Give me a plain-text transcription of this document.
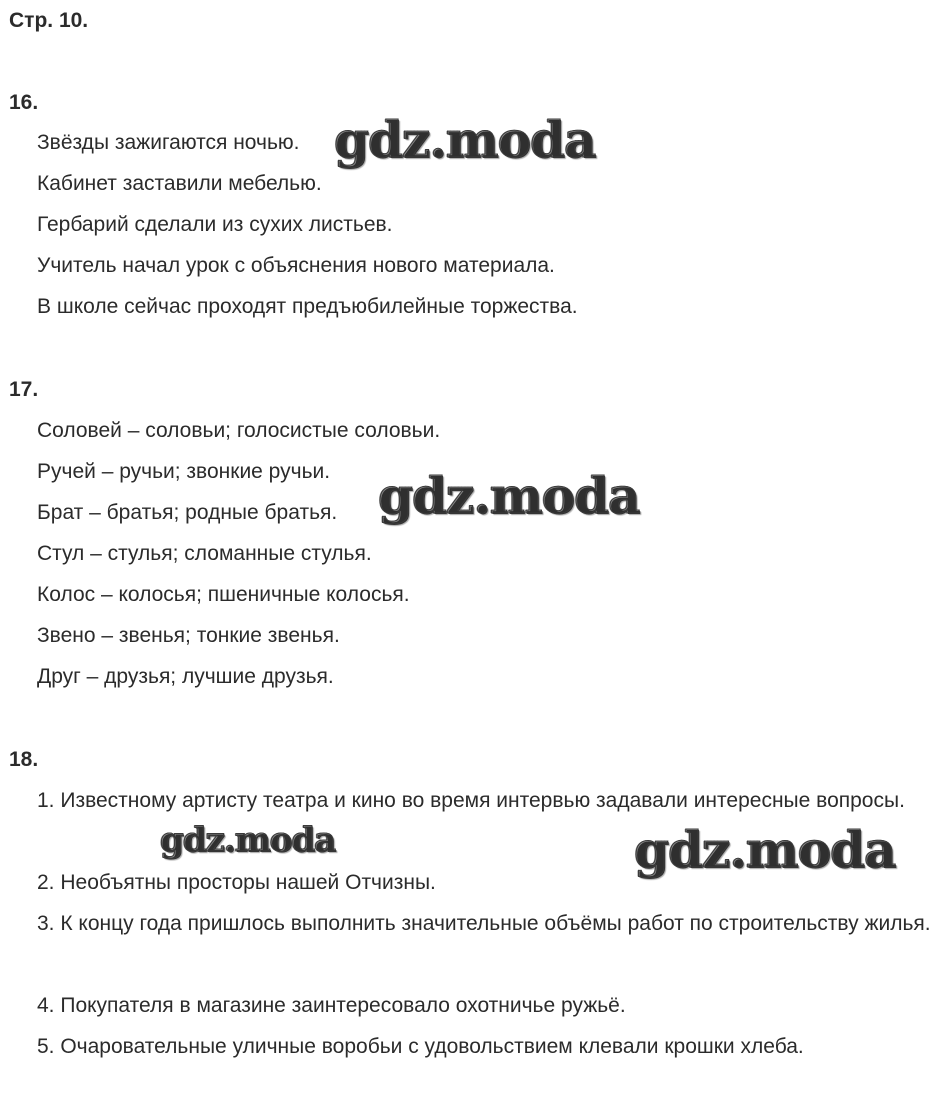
Стр. 10.
16.
Звёзды зажигаются ночью.
Кабинет заставили мебелью.
Гербарий сделали из сухих листьев.
Учитель начал урок с объяснения нового материала.
В школе сейчас проходят предъюбилейные торжества.
17.
Соловей – соловьи; голосистые соловьи.
Ручей – ручьи; звонкие ручьи.
Брат – братья; родные братья.
Стул – стулья; сломанные стулья.
Колос – колосья; пшеничные колосья.
Звено – звенья; тонкие звенья.
Друг – друзья; лучшие друзья.
18.

1. Известному артисту театра и кино во время интервью задавали интересные вопросы.

2. Необъятны просторы нашей Отчизны.

3. К концу года пришлось выполнить значительные объёмы работ по строительству жилья.

4. Покупателя в магазине заинтересовало охотничье ружьё.
5. Очаровательные уличные воробьи с удовольствием клевали крошки хлеба.
gdz.moda
gdz.moda
gdz.moda	gdz.moda
